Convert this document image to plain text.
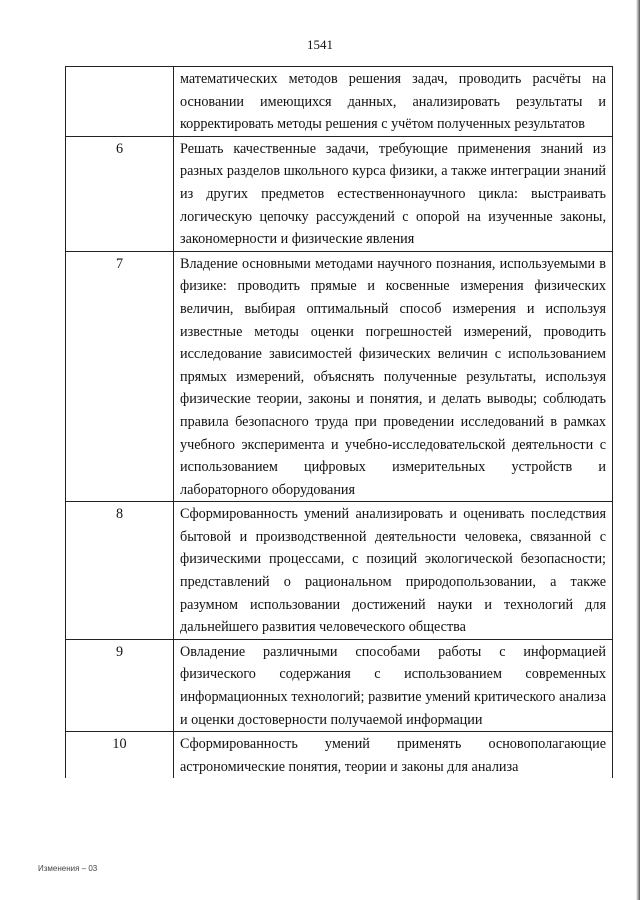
1541
	математических методов решения задач, проводить расчёты на основании имеющихся данных, анализировать результаты и корректировать методы решения с учётом полученных результатов
6	Решать качественные задачи, требующие применения знаний из разных разделов школьного курса физики, а также интеграции знаний из других предметов естественнонаучного цикла: выстраивать логическую цепочку рассуждений с опорой на изученные законы, закономерности и физические явления
7	Владение основными методами научного познания, используемыми в физике: проводить прямые и косвенные измерения физических величин, выбирая оптимальный способ измерения и используя известные методы оценки погрешностей измерений, проводить исследование зависимостей физических величин с использованием прямых измерений, объяснять полученные результаты, используя физические теории, законы и понятия, и делать выводы; соблюдать правила безопасного труда при проведении исследований в рамках учебного эксперимента и учебно-исследовательской деятельности с использованием цифровых измерительных устройств и лабораторного оборудования
8	Сформированность умений анализировать и оценивать последствия бытовой и производственной деятельности человека, связанной с физическими процессами, с позиций экологической безопасности; представлений о рациональном природопользовании, а также разумном использовании достижений науки и технологий для дальнейшего развития человеческого общества
9	Овладение различными способами работы с информацией физического содержания с использованием современных информационных технологий; развитие умений критического анализа и оценки достоверности получаемой информации
10	Сформированность умений применять основополагающие астрономические понятия, теории и законы для анализа
Изменения – 03
